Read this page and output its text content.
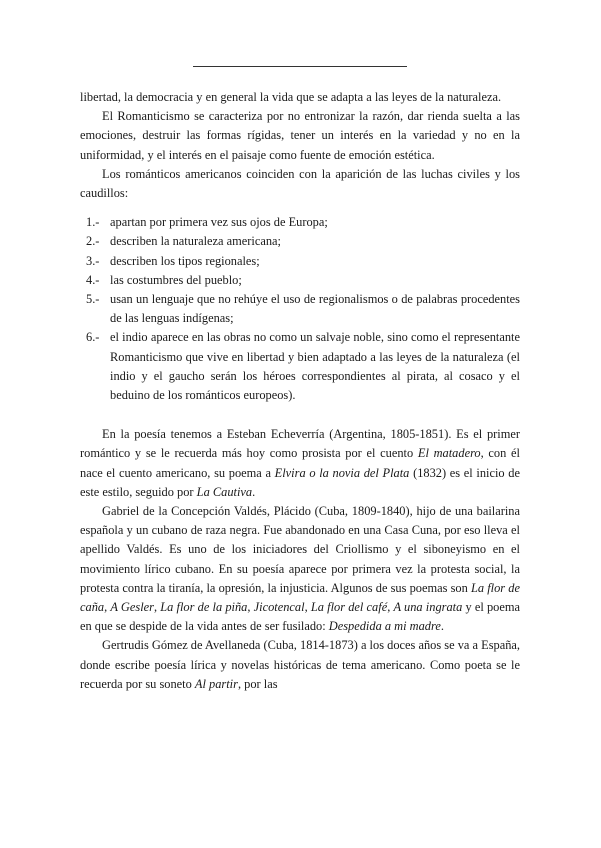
libertad, la democracia y en general la vida que se adapta a las leyes de la naturaleza.

El Romanticismo se caracteriza por no entronizar la razón, dar rienda suelta a las emociones, destruir las formas rígidas, tener un interés en la variedad y no en la uniformidad, y el interés en el paisaje como fuente de emoción estética.

Los románticos americanos coinciden con la aparición de las luchas civiles y los caudillos:

1.- apartan por primera vez sus ojos de Europa;
2.- describen la naturaleza americana;
3.- describen los tipos regionales;
4.- las costumbres del pueblo;
5.- usan un lenguaje que no rehúye el uso de regionalismos o de palabras procedentes de las lenguas indígenas;
6.- el indio aparece en las obras no como un salvaje noble, sino como el representante Romanticismo que vive en libertad y bien adaptado a las leyes de la naturaleza (el indio y el gaucho serán los héroes correspondientes al pirata, al cosaco y el beduino de los románticos europeos).

En la poesía tenemos a Esteban Echeverría (Argentina, 1805-1851). Es el primer romántico y se le recuerda más hoy como prosista por el cuento El matadero, con él nace el cuento americano, su poema a Elvira o la novia del Plata (1832) es el inicio de este estilo, seguido por La Cautiva.

Gabriel de la Concepción Valdés, Plácido (Cuba, 1809-1840), hijo de una bailarina española y un cubano de raza negra. Fue abandonado en una Casa Cuna, por eso lleva el apellido Valdés. Es uno de los iniciadores del Criollismo y el siboneyismo en el movimiento lírico cubano. En su poesía aparece por primera vez la protesta social, la protesta contra la tiranía, la opresión, la injusticia. Algunos de sus poemas son La flor de caña, A Gesler, La flor de la piña, Jicotencal, La flor del café, A una ingrata y el poema en que se despide de la vida antes de ser fusilado: Despedida a mi madre.

Gertrudis Gómez de Avellaneda (Cuba, 1814-1873) a los doces años se va a España, donde escribe poesía lírica y novelas históricas de tema americano. Como poeta se le recuerda por su soneto Al partir, por las
